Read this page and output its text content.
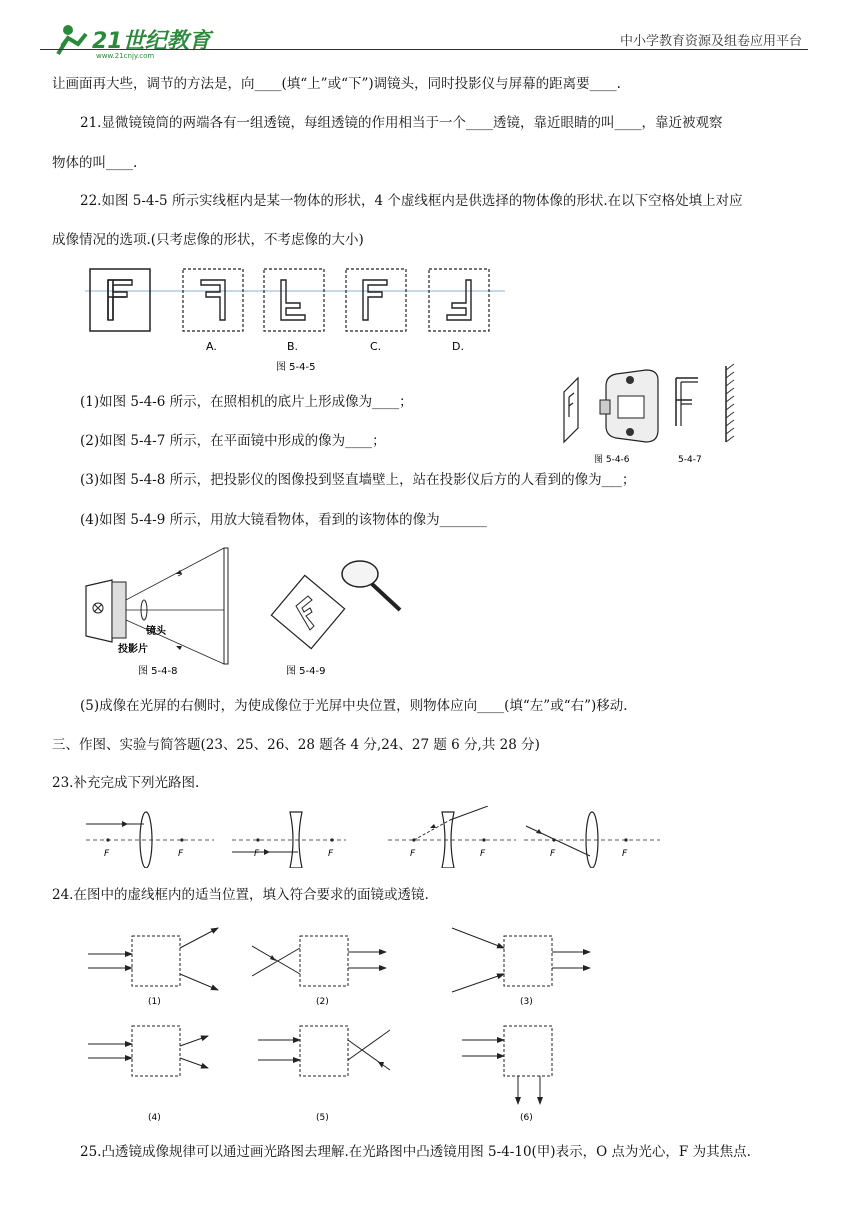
21世纪教育
www.21cnjy.com
中小学教育资源及组卷应用平台
让画面再大些，调节的方法是，向____(填“上”或“下”)调镜头，同时投影仪与屏幕的距离要____.
21.显微镜镜筒的两端各有一组透镜，每组透镜的作用相当于一个____透镜，靠近眼睛的叫____，靠近被观察
物体的叫____.
22.如图 5-4-5 所示实线框内是某一物体的形状，4 个虚线框内是供选择的物体像的形状.在以下空格处填上对应
成像情况的选项.(只考虑像的形状，不考虑像的大小)
A.	B.	C.	D.
图 5-4-5
图 5-4-6	5-4-7
(1)如图 5-4-6 所示，在照相机的底片上形成像为____；
(2)如图 5-4-7 所示，在平面镜中形成的像为____；
(3)如图 5-4-8 所示，把投影仪的图像投到竖直墙壁上，站在投影仪后方的人看到的像为___；
(4)如图 5-4-9 所示，用放大镜看物体，看到的该物体的像为_______
镜头
投影片
图 5-4-8	图 5-4-9
(5)成像在光屏的右侧时，为使成像位于光屏中央位置，则物体应向____(填“左”或“右”)移动.
三、作图、实验与简答题(23、25、26、28 题各 4 分,24、27 题 6 分,共 28 分)
23.补充完成下列光路图.
F	F	F	F	F	F	F	F
24.在图中的虚线框内的适当位置，填入符合要求的面镜或透镜.
(1)	(2)	(3)
(4)	(5)	(6)
25.凸透镜成像规律可以通过画光路图去理解.在光路图中凸透镜用图 5-4-10(甲)表示，O 点为光心，F 为其焦点.
